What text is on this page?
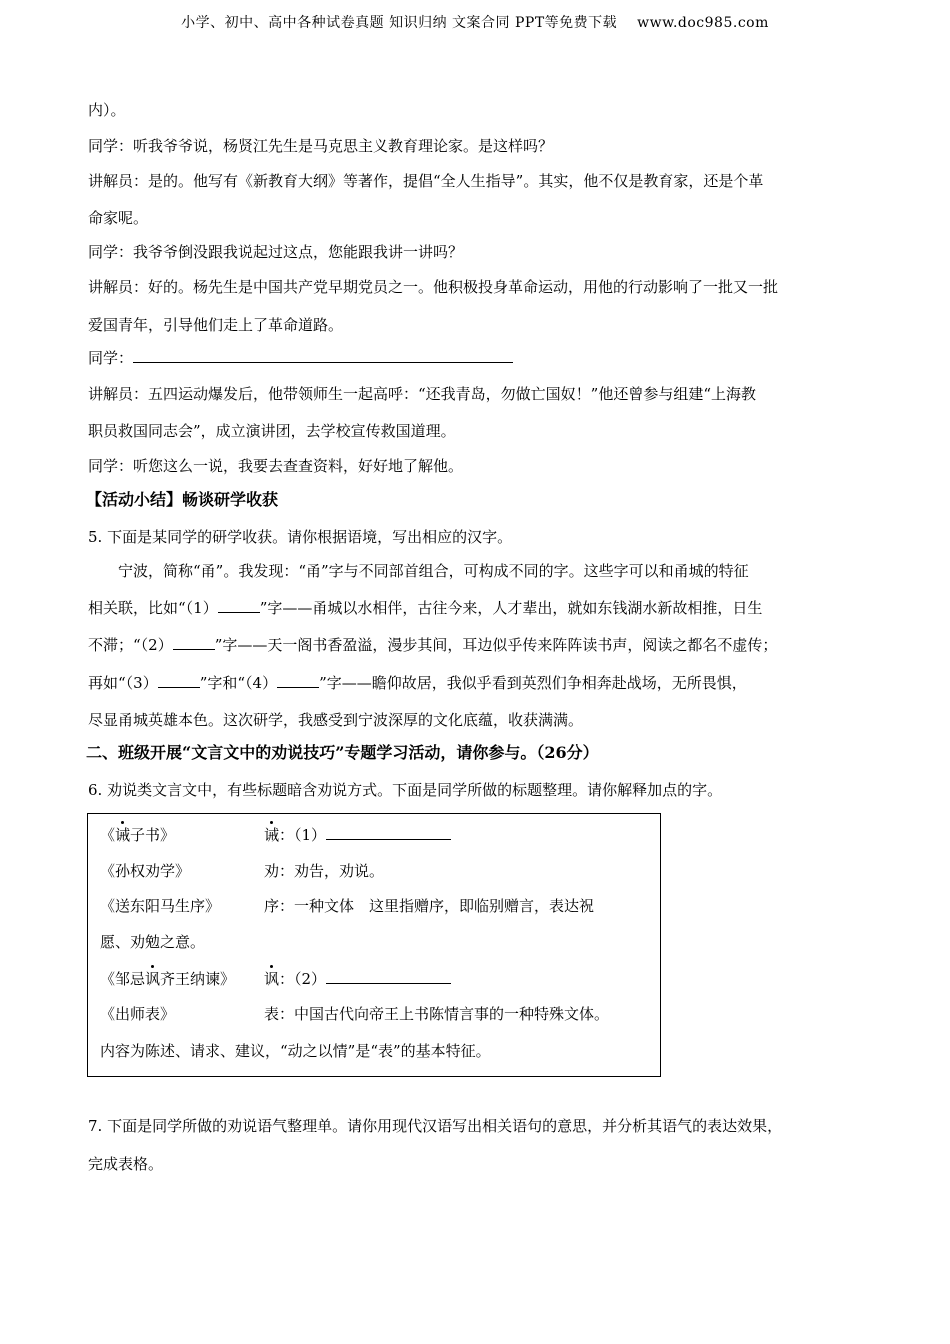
小学、初中、高中各种试卷真题 知识归纳 文案合同 PPT等免费下载 www.doc985.com
内）。
同学：听我爷爷说，杨贤江先生是马克思主义教育理论家。是这样吗？
讲解员：是的。他写有《新教育大纲》等著作，提倡“全人生指导”。其实，他不仅是教育家，还是个革
命家呢。
同学：我爷爷倒没跟我说起过这点，您能跟我讲一讲吗？
讲解员：好的。杨先生是中国共产党早期党员之一。他积极投身革命运动，用他的行动影响了一批又一批
爱国青年，引导他们走上了革命道路。
同学：
讲解员：五四运动爆发后，他带领师生一起高呼：“还我青岛，勿做亡国奴！”他还曾参与组建“上海教
职员救国同志会”，成立演讲团，去学校宣传救国道理。
同学：听您这么一说，我要去查查资料，好好地了解他。
【活动小结】畅谈研学收获
5. 下面是某同学的研学收获。请你根据语境，写出相应的汉字。
宁波，简称“甬”。我发现：“甬”字与不同部首组合，可构成不同的字。这些字可以和甬城的特征
相关联，比如“（1）	”字——甬城以水相伴，古往今来，人才辈出，就如东钱湖水新故相推，日生
不滞；“（2）	”字——天一阁书香盈溢，漫步其间，耳边似乎传来阵阵读书声，阅读之都名不虚传；
再如“（3）	”字和“（4）	”字——瞻仰故居，我似乎看到英烈们争相奔赴战场，无所畏惧，
尽显甬城英雄本色。这次研学，我感受到宁波深厚的文化底蕴，收获满满。
二、班级开展“文言文中的劝说技巧”专题学习活动，请你参与。（26分）
6. 劝说类文言文中，有些标题暗含劝说方式。下面是同学所做的标题整理。请你解释加点的字。
《诫子书》	诫：（1）
《孙权劝学》	劝：劝告，劝说。
《送东阳马生序》	序：一种文体　这里指赠序，即临别赠言，表达祝
愿、劝勉之意。
《邹忌讽齐王纳谏》 讽：（2）
《出师表》	表：中国古代向帝王上书陈情言事的一种特殊文体。
内容为陈述、请求、建议，“动之以情”是“表”的基本特征。
7. 下面是同学所做的劝说语气整理单。请你用现代汉语写出相关语句的意思，并分析其语气的表达效果，
完成表格。
